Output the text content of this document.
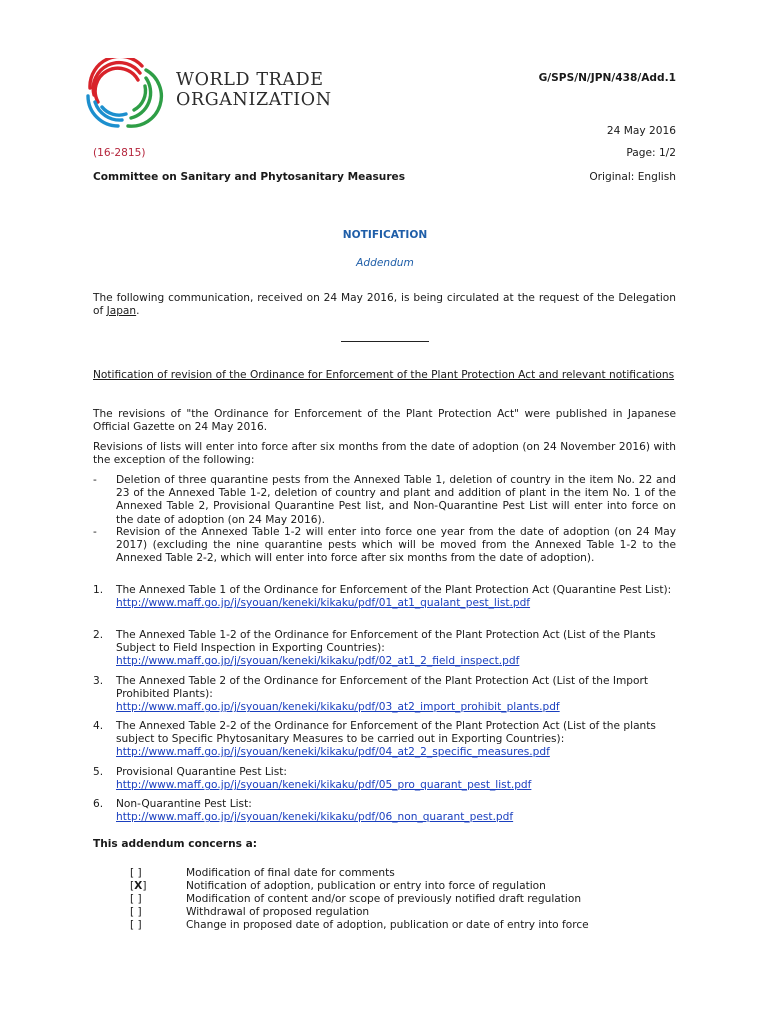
WORLD TRADE
ORGANIZATION
G/SPS/N/JPN/438/Add.1
24 May 2016
(16-2815)	Page: 1/2
Committee on Sanitary and Phytosanitary Measures	Original: English
NOTIFICATION
Addendum
The following communication, received on 24 May 2016, is being circulated at the request of the Delegation of Japan.
Notification of revision of the Ordinance for Enforcement of the Plant Protection Act and relevant notifications
The revisions of "the Ordinance for Enforcement of the Plant Protection Act" were published in Japanese Official Gazette on 24 May 2016.
Revisions of lists will enter into force after six months from the date of adoption (on 24 November 2016) with the exception of the following:
- Deletion of three quarantine pests from the Annexed Table 1, deletion of country in the item No. 22 and 23 of the Annexed Table 1-2, deletion of country and plant and addition of plant in the item No. 1 of the Annexed Table 2, Provisional Quarantine Pest list, and Non-Quarantine Pest List will enter into force on the date of adoption (on 24 May 2016).
- Revision of the Annexed Table 1-2 will enter into force one year from the date of adoption (on 24 May 2017) (excluding the nine quarantine pests which will be moved from the Annexed Table 1-2 to the Annexed Table 2-2, which will enter into force after six months from the date of adoption).
1. The Annexed Table 1 of the Ordinance for Enforcement of the Plant Protection Act (Quarantine Pest List):
http://www.maff.go.jp/j/syouan/keneki/kikaku/pdf/01_at1_qualant_pest_list.pdf
2. The Annexed Table 1-2 of the Ordinance for Enforcement of the Plant Protection Act (List of the Plants Subject to Field Inspection in Exporting Countries):
http://www.maff.go.jp/j/syouan/keneki/kikaku/pdf/02_at1_2_field_inspect.pdf
3. The Annexed Table 2 of the Ordinance for Enforcement of the Plant Protection Act (List of the Import Prohibited Plants):
http://www.maff.go.jp/j/syouan/keneki/kikaku/pdf/03_at2_import_prohibit_plants.pdf
4. The Annexed Table 2-2 of the Ordinance for Enforcement of the Plant Protection Act (List of the plants subject to Specific Phytosanitary Measures to be carried out in Exporting Countries):
http://www.maff.go.jp/j/syouan/keneki/kikaku/pdf/04_at2_2_specific_measures.pdf
5. Provisional Quarantine Pest List:
http://www.maff.go.jp/j/syouan/keneki/kikaku/pdf/05_pro_quarant_pest_list.pdf
6. Non-Quarantine Pest List:
http://www.maff.go.jp/j/syouan/keneki/kikaku/pdf/06_non_quarant_pest.pdf
This addendum concerns a:
[ ]	Modification of final date for comments
[X]	Notification of adoption, publication or entry into force of regulation
[ ]	Modification of content and/or scope of previously notified draft regulation
[ ]	Withdrawal of proposed regulation
[ ]	Change in proposed date of adoption, publication or date of entry into force
